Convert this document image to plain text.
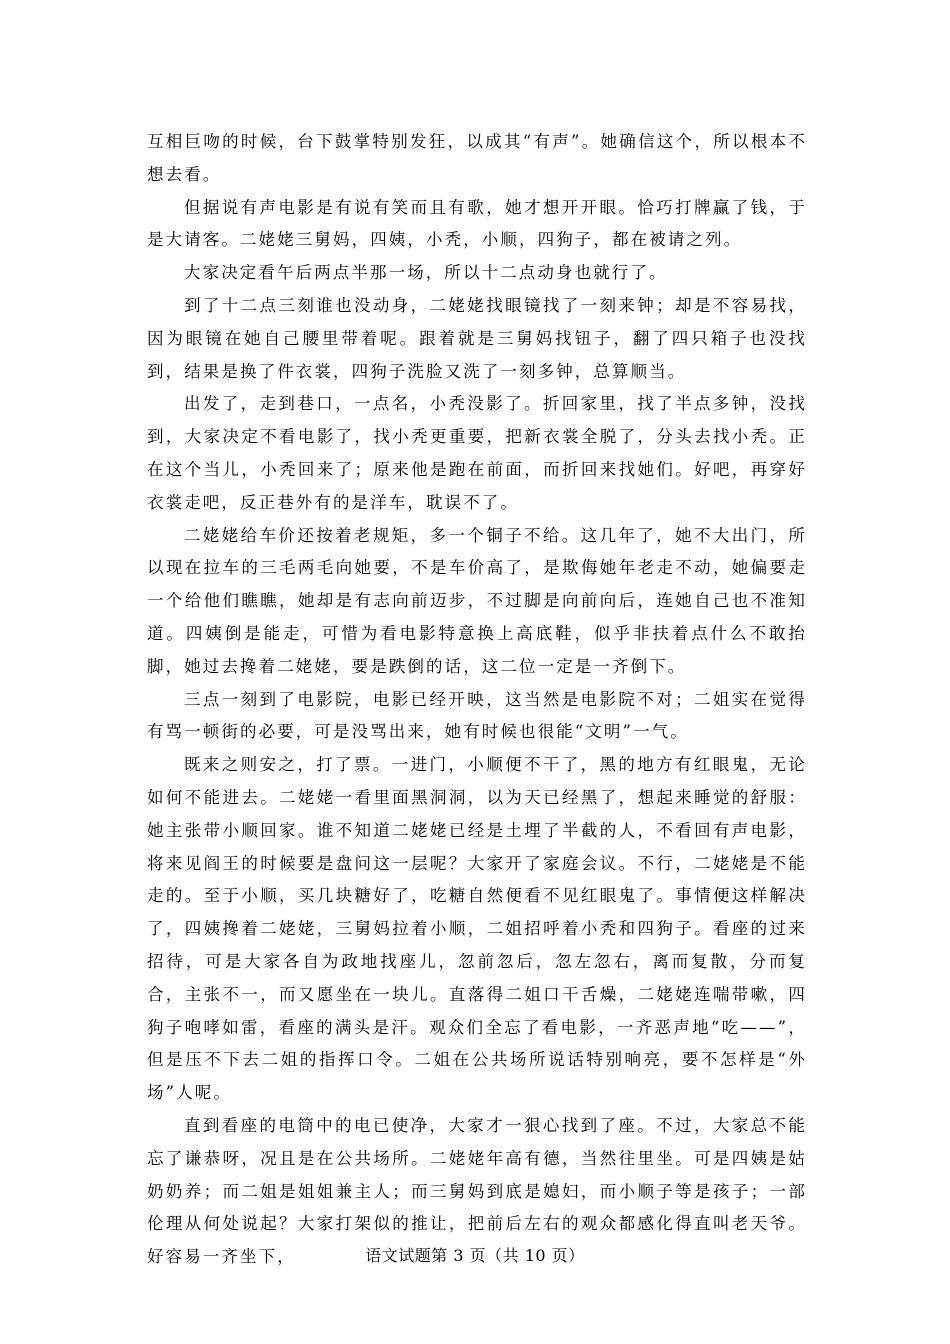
互相巨吻的时候，台下鼓掌特别发狂，以成其“有声”。她确信这个，所以根本不想去看。

但据说有声电影是有说有笑而且有歌，她才想开开眼。恰巧打牌赢了钱，于是大请客。二姥姥三舅妈，四姨，小秃，小顺，四狗子，都在被请之列。

大家决定看午后两点半那一场，所以十二点动身也就行了。

到了十二点三刻谁也没动身，二姥姥找眼镜找了一刻来钟；却是不容易找，因为眼镜在她自己腰里带着呢。跟着就是三舅妈找钮子，翻了四只箱子也没找到，结果是换了件衣裳，四狗子洗脸又洗了一刻多钟，总算顺当。

出发了，走到巷口，一点名，小秃没影了。折回家里，找了半点多钟，没找到，大家决定不看电影了，找小秃更重要，把新衣裳全脱了，分头去找小秃。正在这个当儿，小秃回来了；原来他是跑在前面，而折回来找她们。好吧，再穿好衣裳走吧，反正巷外有的是洋车，耽误不了。

二姥姥给车价还按着老规矩，多一个铜子不给。这几年了，她不大出门，所以现在拉车的三毛两毛向她要，不是车价高了，是欺侮她年老走不动，她偏要走一个给他们瞧瞧，她却是有志向前迈步，不过脚是向前向后，连她自己也不准知道。四姨倒是能走，可惜为看电影特意换上高底鞋，似乎非扶着点什么不敢抬脚，她过去搀着二姥姥，要是跌倒的话，这二位一定是一齐倒下。

三点一刻到了电影院，电影已经开映，这当然是电影院不对；二姐实在觉得有骂一顿街的必要，可是没骂出来，她有时候也很能“文明”一气。

既来之则安之，打了票。一进门，小顺便不干了，黑的地方有红眼鬼，无论如何不能进去。二姥姥一看里面黑洞洞，以为天已经黑了，想起来睡觉的舒服：她主张带小顺回家。谁不知道二姥姥已经是土埋了半截的人，不看回有声电影，将来见阎王的时候要是盘问这一层呢？大家开了家庭会议。不行，二姥姥是不能走的。至于小顺，买几块糖好了，吃糖自然便看不见红眼鬼了。事情便这样解决了，四姨搀着二姥姥，三舅妈拉着小顺，二姐招呼着小秃和四狗子。看座的过来招待，可是大家各自为政地找座儿，忽前忽后，忽左忽右，离而复散，分而复合，主张不一，而又愿坐在一块儿。直落得二姐口干舌燥，二姥姥连喘带嗽，四狗子咆哮如雷，看座的满头是汗。观众们全忘了看电影，一齐恶声地“吃——”，但是压不下去二姐的指挥口令。二姐在公共场所说话特别响亮，要不怎样是“外场”人呢。

直到看座的电筒中的电已使净，大家才一狠心找到了座。不过，大家总不能忘了谦恭呀，况且是在公共场所。二姥姥年高有德，当然往里坐。可是四姨是姑奶奶养；而二姐是姐姐兼主人；而三舅妈到底是媳妇，而小顺子等是孩子；一部伦理从何处说起？大家打架似的推让，把前后左右的观众都感化得直叫老天爷。好容易一齐坐下，	语文试题第 3 页（共 10 页）
